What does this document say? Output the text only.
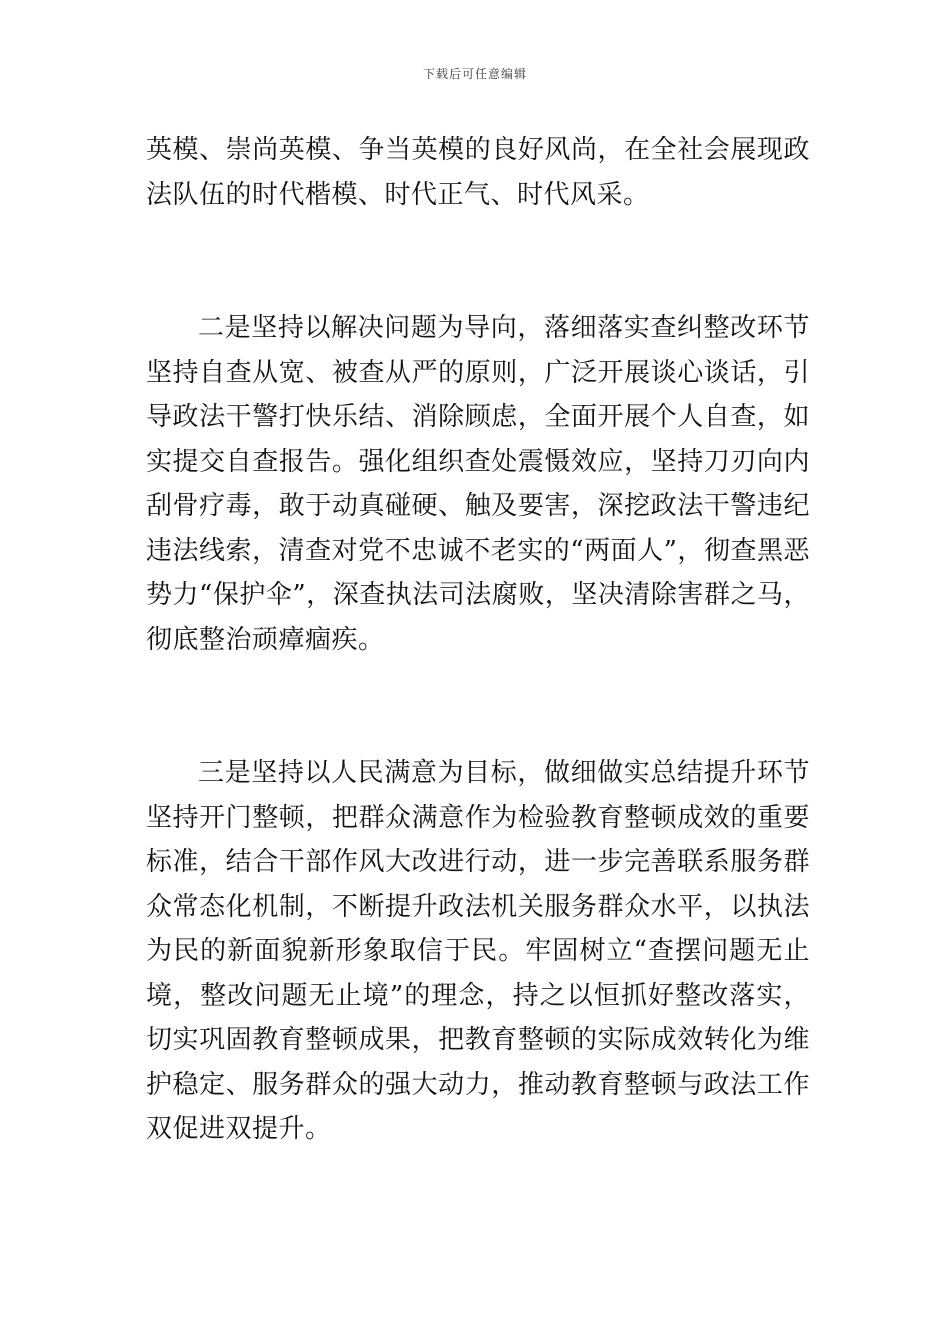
下载后可任意编辑

英模、崇尚英模、争当英模的良好风尚，在全社会展现政法队伍的时代楷模、时代正气、时代风采。

二是坚持以解决问题为导向，落细落实查纠整改环节坚持自查从宽、被查从严的原则，广泛开展谈心谈话，引导政法干警打快乐结、消除顾虑，全面开展个人自查，如实提交自查报告。强化组织查处震慑效应，坚持刀刃向内刮骨疗毒，敢于动真碰硬、触及要害，深挖政法干警违纪违法线索，清查对党不忠诚不老实的“两面人”，彻查黑恶势力“保护伞”，深查执法司法腐败，坚决清除害群之马，彻底整治顽瘴痼疾。

三是坚持以人民满意为目标，做细做实总结提升环节坚持开门整顿，把群众满意作为检验教育整顿成效的重要标准，结合干部作风大改进行动，进一步完善联系服务群众常态化机制，不断提升政法机关服务群众水平，以执法为民的新面貌新形象取信于民。牢固树立“查摆问题无止境，整改问题无止境”的理念，持之以恒抓好整改落实，切实巩固教育整顿成果，把教育整顿的实际成效转化为维护稳定、服务群众的强大动力，推动教育整顿与政法工作双促进双提升。
